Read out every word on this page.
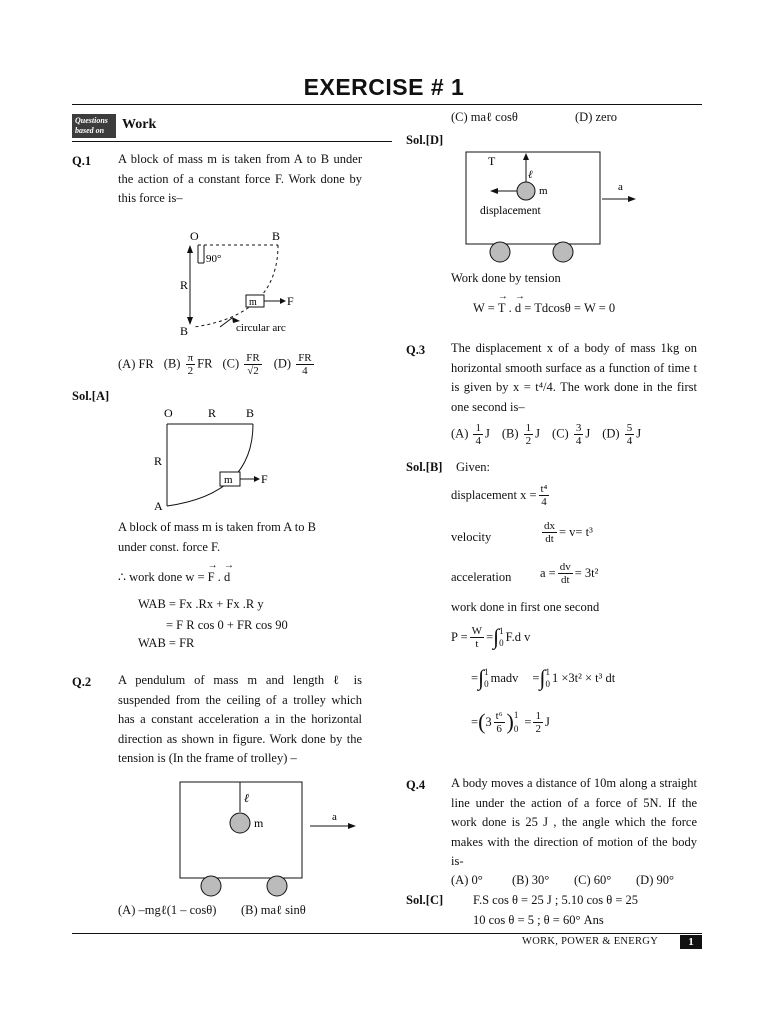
EXERCISE # 1
Questions based on	Work
Q.1 A block of mass m is taken from A to B under the action of a constant force F. Work done by this force is–
O	B
90°
R
m	F
B	circular arc
(A) FR $(B) \frac{\pi}{2}$ FR $(C) \frac{FR}{√2} (D) \frac{FR}{4}$
Sol.[A]
O	R B
R
m F
A
A block of mass m is taken from A to B
under const. force F.
∴ work done w = → F . → d
WAB = Fx .Rx + Fx .R y
= F R cos 0 + FR cos 90
WAB = FR
Q.2 A pendulum of mass m and length ℓ is suspended from the ceiling of a trolley which has a constant acceleration a in the horizontal direction as shown in figure. Work done by the tension is (In the frame of trolley) –
ℓ
m	a
(A) –mgℓ(1 – cosθ) (B) maℓ sinθ
(C) maℓ cosθ	(D) zero
Sol.[D]
T
ℓ
m
displacement
a
Work done by tension
W = → T . → d = Tdcosθ = W = 0
Q.3 The displacement x of a body of mass 1kg on horizontal smooth surface as a function of time t is given by x = t⁴/4. The work done in the first one second is–
$(A) \frac{1}{4}$ J $(B) \frac{1}{2}$ J $(C) \frac{3}{4}$ J $(D) \frac{5}{4}$ J
Sol.[B] Given:
displacement $x = \frac{\text{t⁴}}{4}$
velocity	$\frac{dx}{dt} = v= t^3$
acceleration $a = \frac{dv}{dt} = 3t^2$
work done in first one second
$P = \frac{W}{t}$ = ∫ 1
0 F.d v
= ∫ 1
0 madv = ∫ 1
0 1 ×3t² × t³ dt
= ( $3 \frac{\text{t⁶}}{6}$ ) 1
0
= $\frac{1}{2}$ J
Q.4 A body moves a distance of 10m along a straight line under the action of a force of 5N. If the work done is 25 J , the angle which the force makes with the direction of motion of the body is-
(A) 0° (B) 30° (C) 60° (D) 90°
Sol.[C] F.S cos θ = 25 J ; 5.10 cos θ = 25
10 cos θ = 5 ; θ = 60° Ans
WORK, POWER & ENERGY	1
